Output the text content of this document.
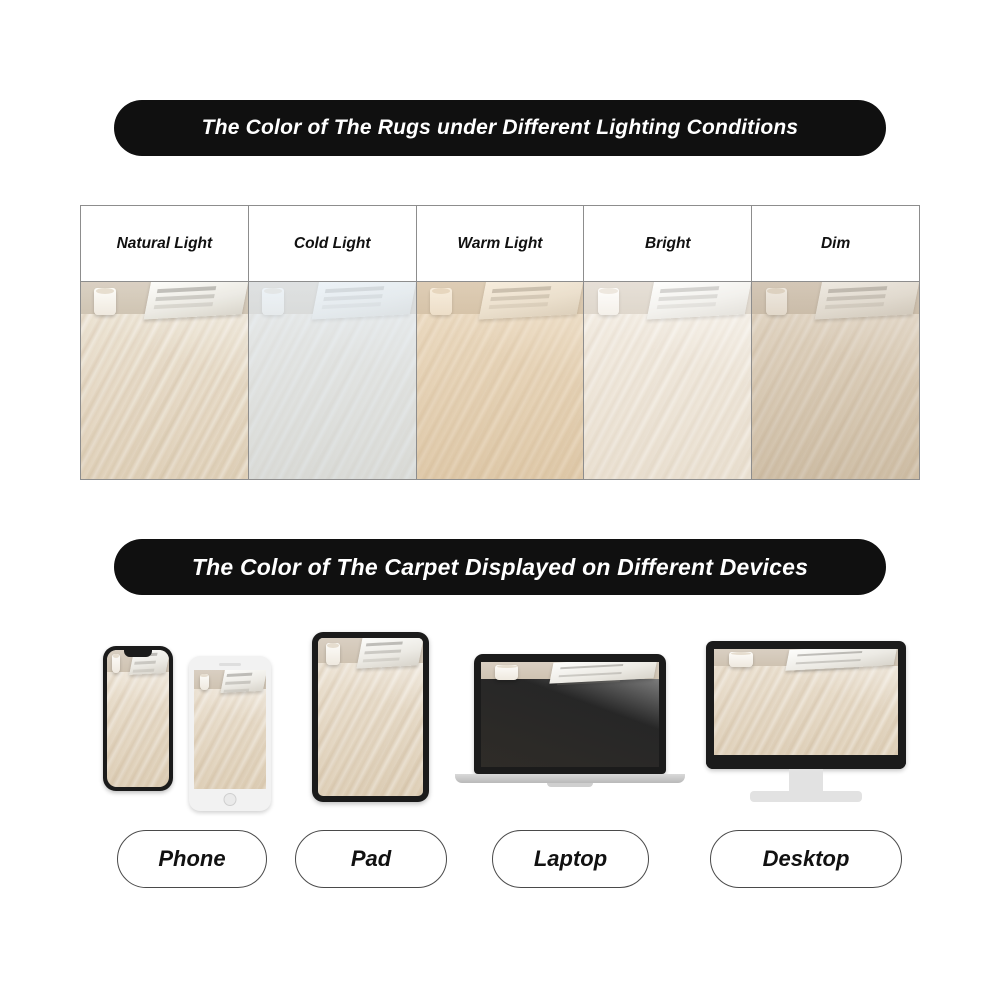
The Color of The Rugs under Different Lighting Conditions
Natural Light	Cold Light	Warm Light	Bright	Dim
The Color of The Carpet Displayed on Different Devices
Phone	Pad	Laptop	Desktop
